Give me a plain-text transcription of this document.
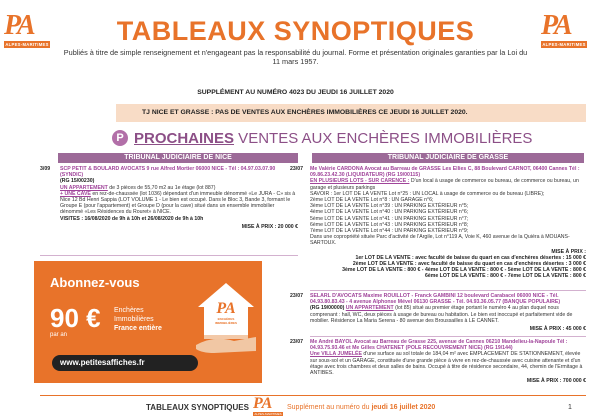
PA
ALPES-MARITIMES
PA
ALPES-MARITIMES
TABLEAUX SYNOPTIQUES
Publiés à titre de simple renseignement et n'engageant pas la responsabilité du journal. Forme et présentation originales garanties par la Loi du 11 mars 1957.
SUPPLÉMENT AU NUMÉRO 4023 DU JEUDI 16 JUILLET 2020
TJ NICE ET GRASSE : PAS DE VENTES AUX ENCHÈRES IMMOBILIÈRES CE JEUDI 16 JUILLET 2020.
P PROCHAINES VENTES AUX ENCHÈRES IMMOBILIÈRES
TRIBUNAL JUDICIAIRE DE NICE	TRIBUNAL JUDICIAIRE DE GRASSE
3/09 SCP PETIT & BOULARD AVOCATS 9 rue Alfred Mortier 06000 NICE - Tél : 04.97.03.07.90 (SYNDIC)
(RG 15/00230)
UN APPARTEMENT de 3 pièces de 55,70 m2 au 1e étage (lot 887)
+ UNE CAVE en rez-de-chaussée (lot 1036) dépendant d'un immeuble dénommé «Le JURA - C» sis à Nice 12 Bd Henri Sappia (LOT VOLUME 1 - Le bien est occupé. Dans le Bloc 3, Bande 3, formant le Groupe E (pour l'appartement) et Groupe D (pour la cave) situé dans un ensemble immobilier dénommé «Les Résidences du Rouret» à NICE.
VISITES : 16/08/2020 de 9h à 10h et 26/08/2020 de 9h à 10h
MISE À PRIX : 20 000 €
Abonnez-vous
90 €
par an
Enchères
Immobilières
France entière
PA
ENCHÈRES IMMOBILIÈRES
www.petitesaffiches.fr
23/07 Me Valérie CARDONA Avocat au Barreau de GRASSE Les Ellies C, 88 Boulevard CARNOT, 06400 Cannes Tél : 09.86.23.42.30 (LIQUIDATEUR) (RG 19/00115)
EN PLUSIEURS LOTS - SUR CARENCE : D'un local à usage de commerce ou bureau, de commerce ou bureau, un garage et plusieurs parkings
SAVOIR : 1er LOT DE LA VENTE Lot n°25 : UN LOCAL à usage de commerce ou de bureau (LIBRE);
2ème LOT DE LA VENTE Lot n°8 : UN GARAGE n°6;
3ème LOT DE LA VENTE Lot n°39 : UN PARKING EXTÉRIEUR n°5;
4ème LOT DE LA VENTE Lot n°40 : UN PARKING EXTÉRIEUR n°6;
5ème LOT DE LA VENTE Lot n°41 : UN PARKING EXTÉRIEUR n°7;
6ème LOT DE LA VENTE Lot n°43 : UN PARKING EXTÉRIEUR n°8;
7ème LOT DE LA VENTE Lot n°44 : UN PARKING EXTÉRIEUR n°9;
Dans une copropriété située Parc d'activité de l'Argile, Lot n°119 A, Voie K, 460 avenue de la Quiéra à MOUANS-SARTOUX.
MISE À PRIX :
1er LOT DE LA VENTE : avec faculté de baisse du quart en cas d'enchères désertes : 15 000 €
2ème LOT DE LA VENTE : avec faculté de baisse du quart en cas d'enchères désertes : 3 000 €
3ème LOT DE LA VENTE : 800 € - 4ème LOT DE LA VENTE : 800 € - 5ème LOT DE LA VENTE : 800 €
6ème LOT DE LA VENTE : 800 € - 7ème LOT DE LA VENTE : 800 €
23/07 SELARL D'AVOCATS Maxime ROUILLOT - Franck GAMBINI 12 boulevard Carabacel 06000 NICE - Tél. 04.93.80.83.43 - 4 avenue Alphonse Mével 06130 GRASSE - Tél. 04.93.36.05.77 (BANQUE POPULAIRE)
(RG 19/00000) UN APPARTEMENT (lot 85) situé au premier étage portant le numéro 4 au plan duquel nous comprenant : hall, WC, deux pièces à usage de bureau ou habitation. Le bien est inoccupé et parfaitement vide de mobilier. Résidence La Maria Serena - 80 avenue des Broussailles à LE CANNET.
MISE À PRIX : 45 000 €
23/07 Me André BAYOL Avocat au Barreau de Grasse 225, avenue de Cannes 06210 Mandelieu-la-Napoule Tél : 04.93.75.93.46 et Me Gilles CHATENET (POLE RECOUVREMENT NICE) (RG 19/144)
Une VILLA JUMELÉE d'une surface au sol totale de 184,04 m² avec EMPLACEMENT DE STATIONNEMENT, élevée sur sous-sol et un GARAGE, constituée d'une grande pièce à vivre en rez-de-chaussée avec cuisine attenante et d'un étage avec trois chambres et deux salles de bains. Occupé à titre de résidence secondaire, 44, chemin de l'Ermitage à ANTIBES.
MISE À PRIX : 700 000 €
TABLEAUX SYNOPTIQUES PA
ALPES-MARITIMES
Supplément au numéro du jeudi 16 juillet 2020	1
